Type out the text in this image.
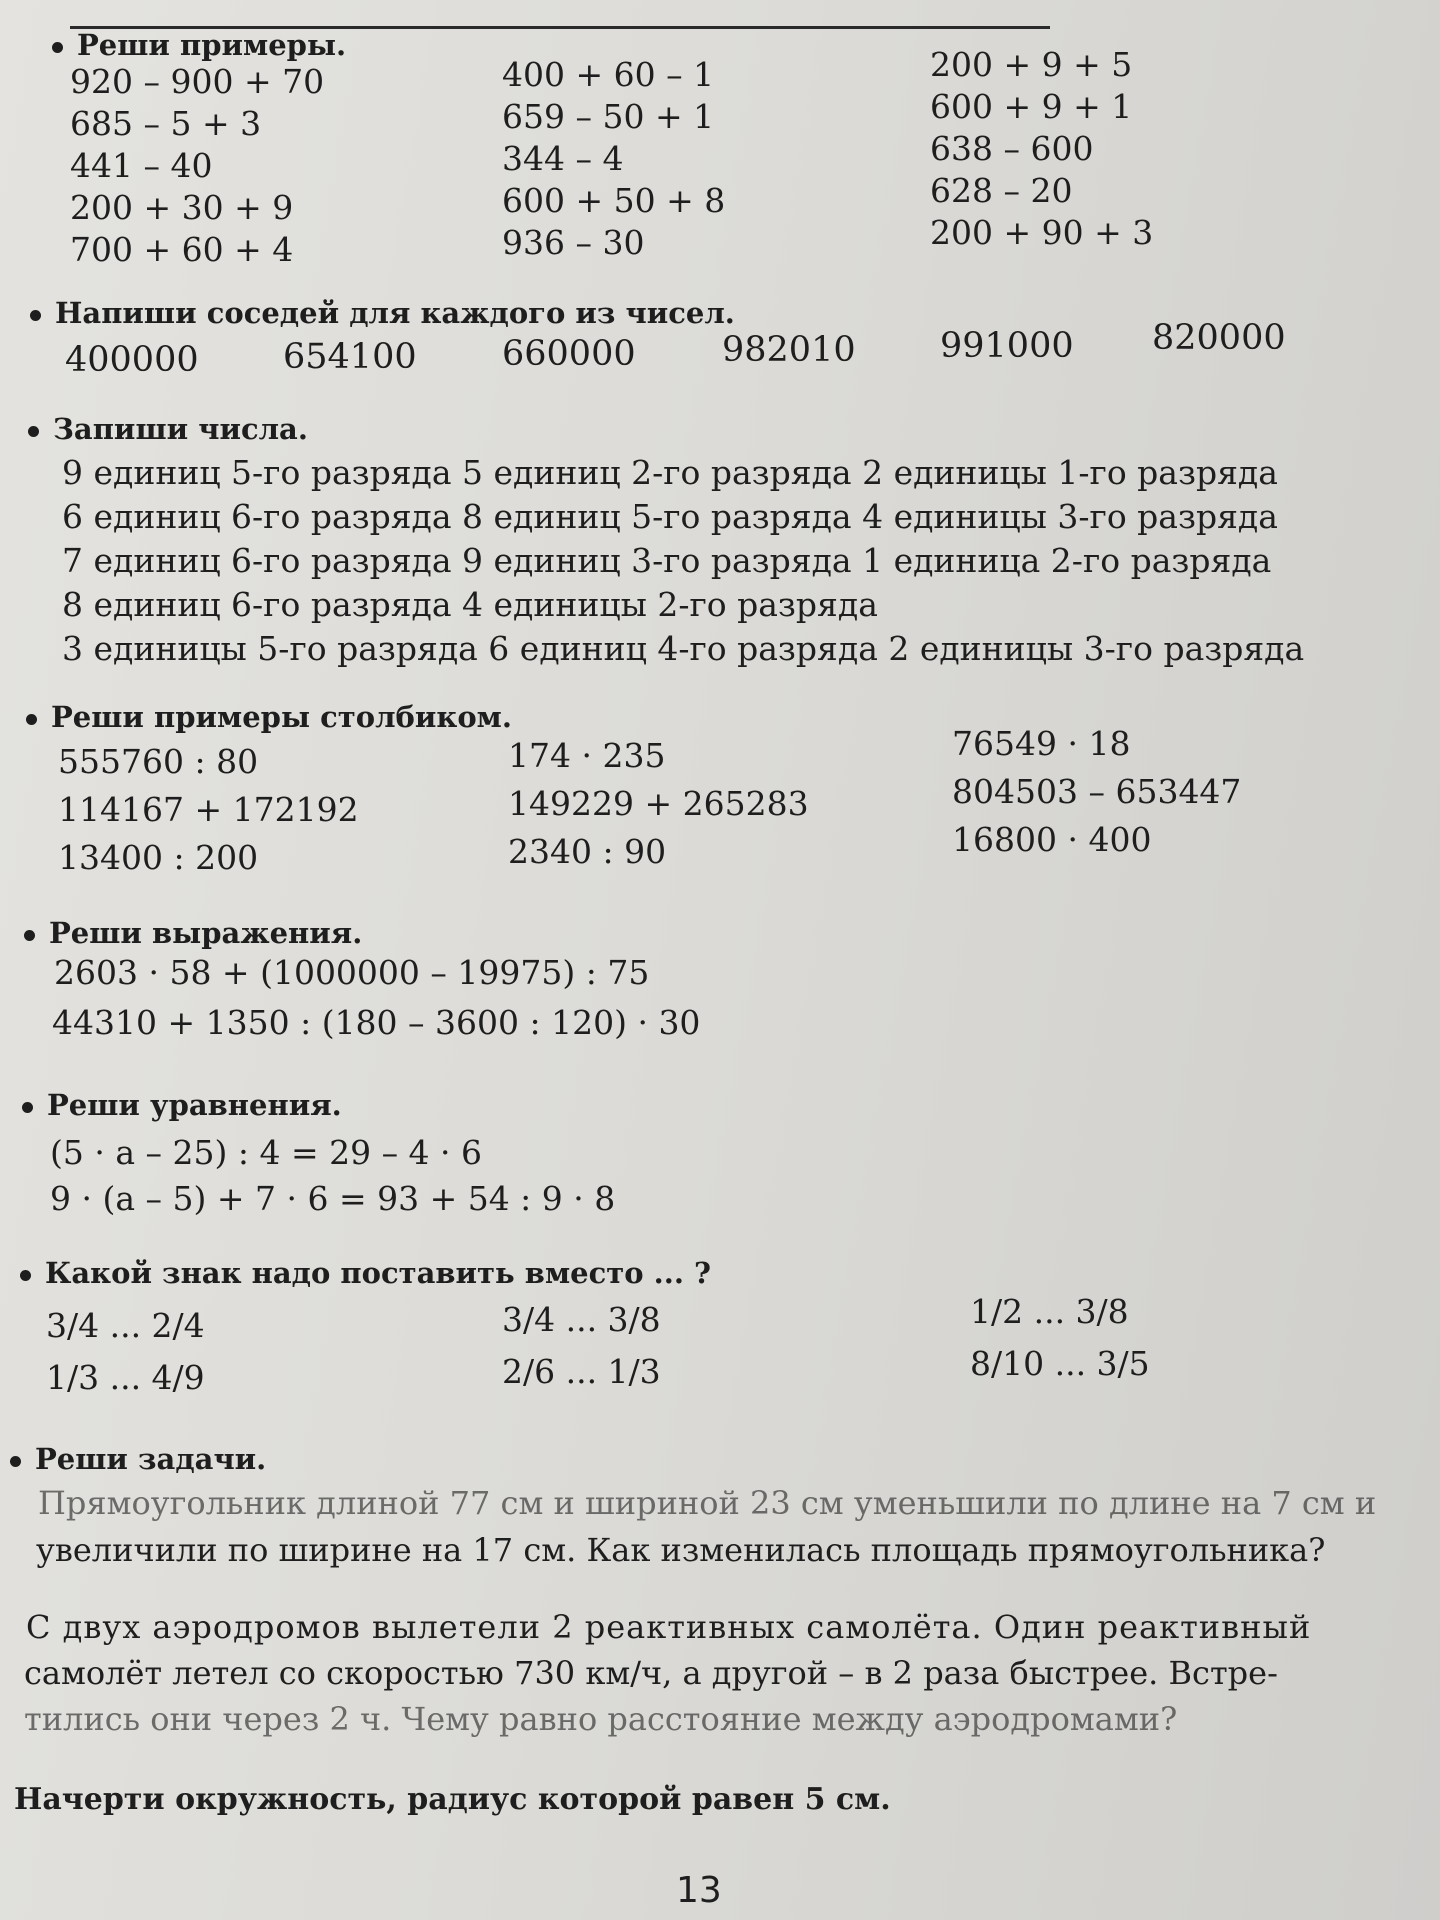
Реши примеры.
920 – 900 + 70
685 – 5 + 3
441 – 40
200 + 30 + 9
700 + 60 + 4
400 + 60 – 1
659 – 50 + 1
344 – 4
600 + 50 + 8
936 – 30
200 + 9 + 5
600 + 9 + 1
638 – 600
628 – 20
200 + 90 + 3
Напиши соседей для каждого из чисел.
400000 654100 660000 982010 991000 820000
Запиши числа.
9 единиц 5-го разряда 5 единиц 2-го разряда 2 единицы 1-го разряда
6 единиц 6-го разряда 8 единиц 5-го разряда 4 единицы 3-го разряда
7 единиц 6-го разряда 9 единиц 3-го разряда 1 единица 2-го разряда
8 единиц 6-го разряда 4 единицы 2-го разряда
3 единицы 5-го разряда 6 единиц 4-го разряда 2 единицы 3-го разряда
Реши примеры столбиком.
555760 : 80
114167 + 172192
13400 : 200
174 · 235
149229 + 265283
2340 : 90
76549 · 18
804503 – 653447
16800 · 400
Реши выражения.
2603 · 58 + (1000000 – 19975) : 75
44310 + 1350 : (180 – 3600 : 120) · 30
Реши уравнения.
(5 · a – 25) : 4 = 29 – 4 · 6
9 · (a – 5) + 7 · 6 = 93 + 54 : 9 · 8
Какой знак надо поставить вместо ... ?
3/4 ... 2/4
1/3 ... 4/9
3/4 ... 3/8
2/6 ... 1/3
1/2 ... 3/8
8/10 ... 3/5
Реши задачи.
Прямоугольник длиной 77 см и шириной 23 см уменьшили по длине на 7 см и
увеличили по ширине на 17 см. Как изменилась площадь прямоугольника?
С двух аэродромов вылетели 2 реактивных самолёта. Один реактивный
самолёт летел со скоростью 730 км/ч, а другой – в 2 раза быстрее. Встре-
тились они через 2 ч. Чему равно расстояние между аэродромами?
Начерти окружность, радиус которой равен 5 см.
13
